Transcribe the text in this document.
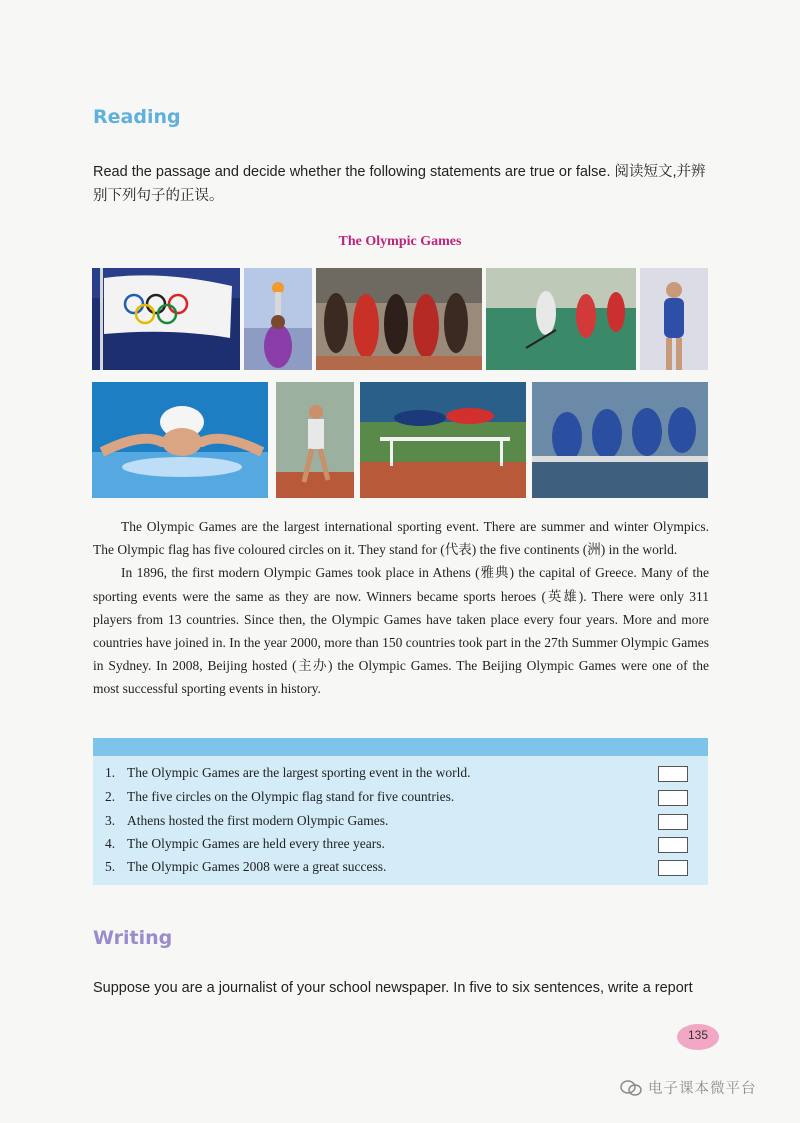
Reading
Read the passage and decide whether the following statements are true or false. 阅读短文,并辨别下列句子的正误。
The Olympic Games

The Olympic Games are the largest international sporting event. There are summer and winter Olympics. The Olympic flag has five coloured circles on it. They stand for (代表) the five continents (洲) in the world.

In 1896, the first modern Olympic Games took place in Athens (雅典) the capital of Greece. Many of the sporting events were the same as they are now. Winners became sports heroes (英雄). There were only 311 players from 13 countries. Since then, the Olympic Games have taken place every four years. More and more countries have joined in. In the year 2000, more than 150 countries took part in the 27th Summer Olympic Games in Sydney. In 2008, Beijing hosted (主办) the Olympic Games. The Beijing Olympic Games were one of the most successful sporting events in history.

1. The Olympic Games are the largest sporting event in the world.
2. The five circles on the Olympic flag stand for five countries.
3. Athens hosted the first modern Olympic Games.
4. The Olympic Games are held every three years.
5. The Olympic Games 2008 were a great success.
Writing
Suppose you are a journalist of your school newspaper. In five to six sentences, write a report
135
电子课本微平台
